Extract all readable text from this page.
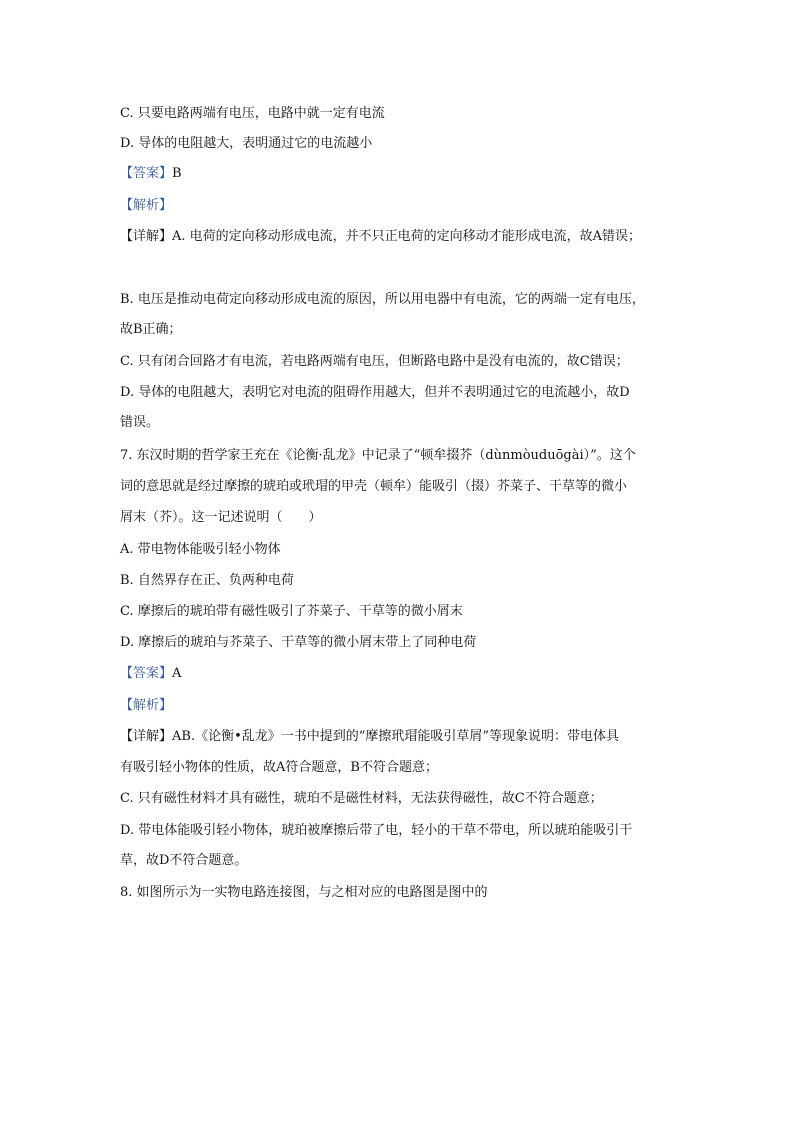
C. 只要电路两端有电压，电路中就一定有电流
D. 导体的电阻越大，表明通过它的电流越小
【答案】B
【解析】
【详解】A. 电荷的定向移动形成电流，并不只正电荷的定向移动才能形成电流，故A错误；
B. 电压是推动电荷定向移动形成电流的原因，所以用电器中有电流，它的两端一定有电压，
故B正确；
C. 只有闭合回路才有电流，若电路两端有电压，但断路电路中是没有电流的，故C错误；
D. 导体的电阻越大，表明它对电流的阻碍作用越大，但并不表明通过它的电流越小，故D
错误。
7. 东汉时期的哲学家王充在《论衡·乱龙》中记录了“顿牟掇芥（dùnmòuduōgài）”。这个
词的意思就是经过摩擦的琥珀或玳瑁的甲壳（顿牟）能吸引（掇）芥菜子、干草等的微小
屑末（芥）。这一记述说明（　　）
A. 带电物体能吸引轻小物体
B. 自然界存在正、负两种电荷
C. 摩擦后的琥珀带有磁性吸引了芥菜子、干草等的微小屑末
D. 摩擦后的琥珀与芥菜子、干草等的微小屑末带上了同种电荷
【答案】A
【解析】
【详解】AB.《论衡•乱龙》一书中提到的“摩擦玳瑁能吸引草屑”等现象说明：带电体具
有吸引轻小物体的性质，故A符合题意，B不符合题意；
C. 只有磁性材料才具有磁性，琥珀不是磁性材料，无法获得磁性，故C不符合题意；
D. 带电体能吸引轻小物体，琥珀被摩擦后带了电，轻小的干草不带电，所以琥珀能吸引干
草，故D不符合题意。
8. 如图所示为一实物电路连接图，与之相对应的电路图是图中的
